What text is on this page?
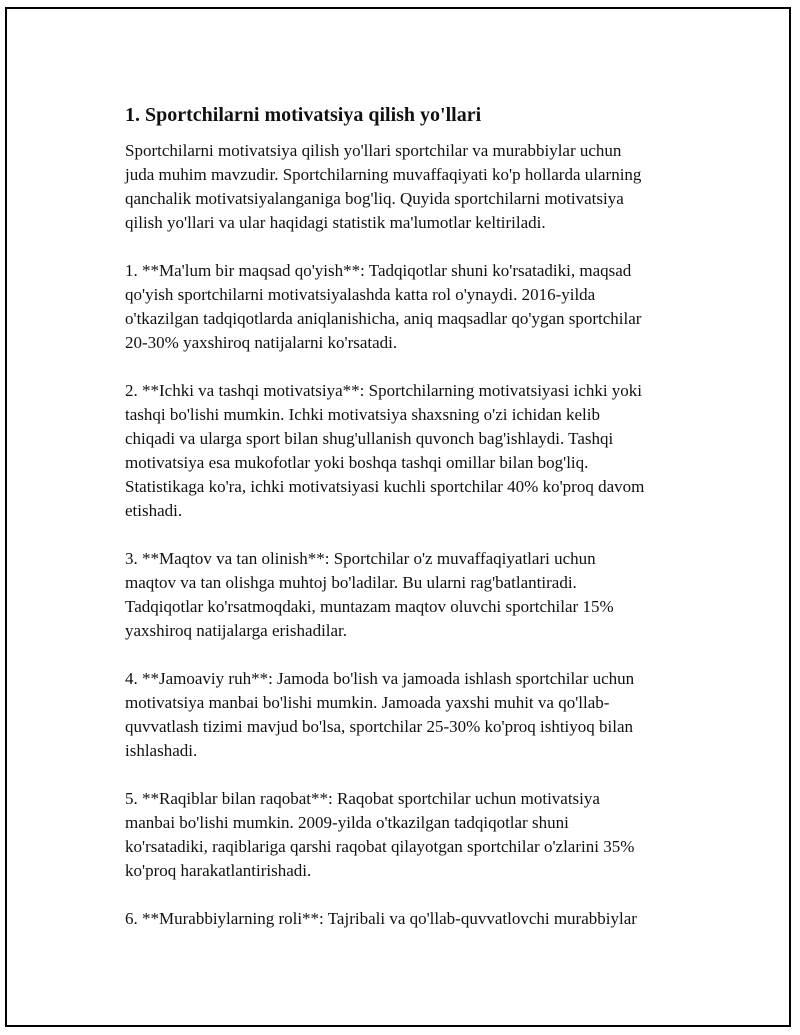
1. Sportchilarni motivatsiya qilish yo'llari
Sportchilarni motivatsiya qilish yo'llari sportchilar va murabbiylar uchun
juda muhim mavzudir. Sportchilarning muvaffaqiyati ko'p hollarda ularning
qanchalik motivatsiyalanganiga bog'liq. Quyida sportchilarni motivatsiya
qilish yo'llari va ular haqidagi statistik ma'lumotlar keltiriladi.
1. **Ma'lum bir maqsad qo'yish**: Tadqiqotlar shuni ko'rsatadiki, maqsad
qo'yish sportchilarni motivatsiyalashda katta rol o'ynaydi. 2016-yilda
o'tkazilgan tadqiqotlarda aniqlanishicha, aniq maqsadlar qo'ygan sportchilar
20-30% yaxshiroq natijalarni ko'rsatadi.
2. **Ichki va tashqi motivatsiya**: Sportchilarning motivatsiyasi ichki yoki
tashqi bo'lishi mumkin. Ichki motivatsiya shaxsning o'zi ichidan kelib
chiqadi va ularga sport bilan shug'ullanish quvonch bag'ishlaydi. Tashqi
motivatsiya esa mukofotlar yoki boshqa tashqi omillar bilan bog'liq.
Statistikaga ko'ra, ichki motivatsiyasi kuchli sportchilar 40% ko'proq davom
etishadi.
3. **Maqtov va tan olinish**: Sportchilar o'z muvaffaqiyatlari uchun
maqtov va tan olishga muhtoj bo'ladilar. Bu ularni rag'batlantiradi.
Tadqiqotlar ko'rsatmoqdaki, muntazam maqtov oluvchi sportchilar 15%
yaxshiroq natijalarga erishadilar.
4. **Jamoaviy ruh**: Jamoda bo'lish va jamoada ishlash sportchilar uchun
motivatsiya manbai bo'lishi mumkin. Jamoada yaxshi muhit va qo'llab-
quvvatlash tizimi mavjud bo'lsa, sportchilar 25-30% ko'proq ishtiyoq bilan
ishlashadi.
5. **Raqiblar bilan raqobat**: Raqobat sportchilar uchun motivatsiya
manbai bo'lishi mumkin. 2009-yilda o'tkazilgan tadqiqotlar shuni
ko'rsatadiki, raqiblariga qarshi raqobat qilayotgan sportchilar o'zlarini 35%
ko'proq harakatlantirishadi.
6. **Murabbiylarning roli**: Tajribali va qo'llab-quvvatlovchi murabbiylar
